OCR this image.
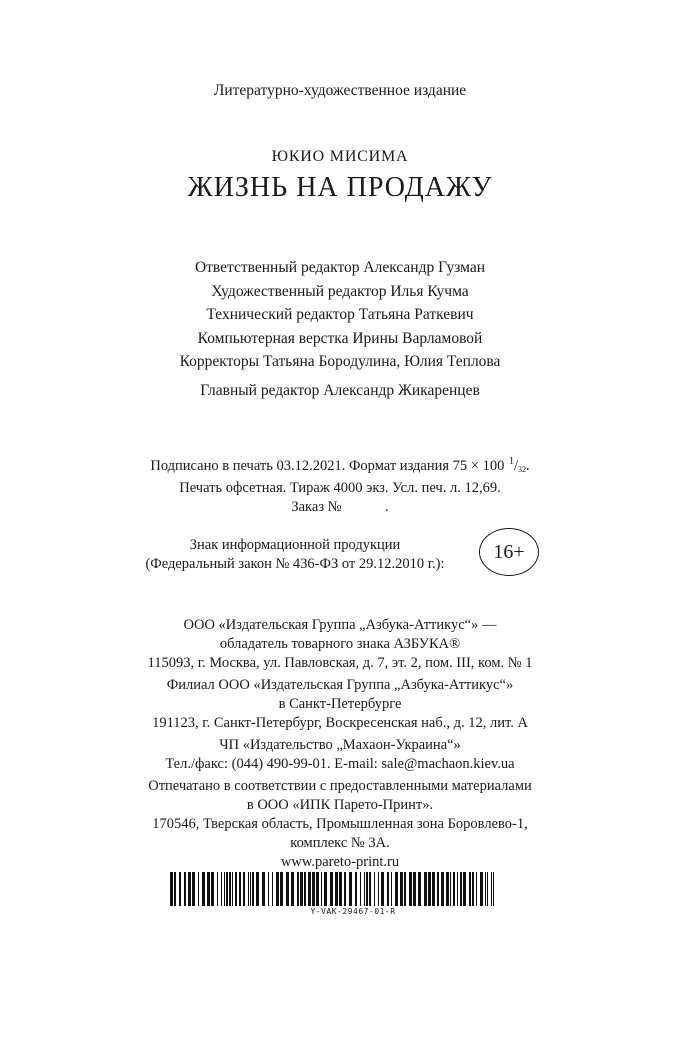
Литературно-художественное издание
ЮКИО МИСИМА
ЖИЗНЬ НА ПРОДАЖУ
Ответственный редактор Александр Гузман
Художественный редактор Илья Кучма
Технический редактор Татьяна Раткевич
Компьютерная верстка Ирины Варламовой
Корректоры Татьяна Бородулина, Юлия Теплова
Главный редактор Александр Жикаренцев
Подписано в печать 03.12.2021. Формат издания 75 × 100 $^1/_{32}$.
Печать офсетная. Тираж 4000 экз. Усл. печ. л. 12,69.
Заказ №            .
Знак информационной продукции
(Федеральный закон № 436-ФЗ от 29.12.2010 г.):
16+
ООО «Издательская Группа „Азбука-Аттикус“» —
обладатель товарного знака АЗБУКА®
115093, г. Москва, ул. Павловская, д. 7, эт. 2, пом. III, ком. № 1
Филиал ООО «Издательская Группа „Азбука-Аттикус“»
в Санкт-Петербурге
191123, г. Санкт-Петербург, Воскресенская наб., д. 12, лит. А
ЧП «Издательство „Махаон-Украина“»
Тел./факс: (044) 490-99-01. E-mail: sale@machaon.kiev.ua
Отпечатано в соответствии с предоставленными материалами
в ООО «ИПК Парето-Принт».
170546, Тверская область, Промышленная зона Боровлево-1,
комплекс № 3А.
www.pareto-print.ru
Y-VAK-29467-01-R
